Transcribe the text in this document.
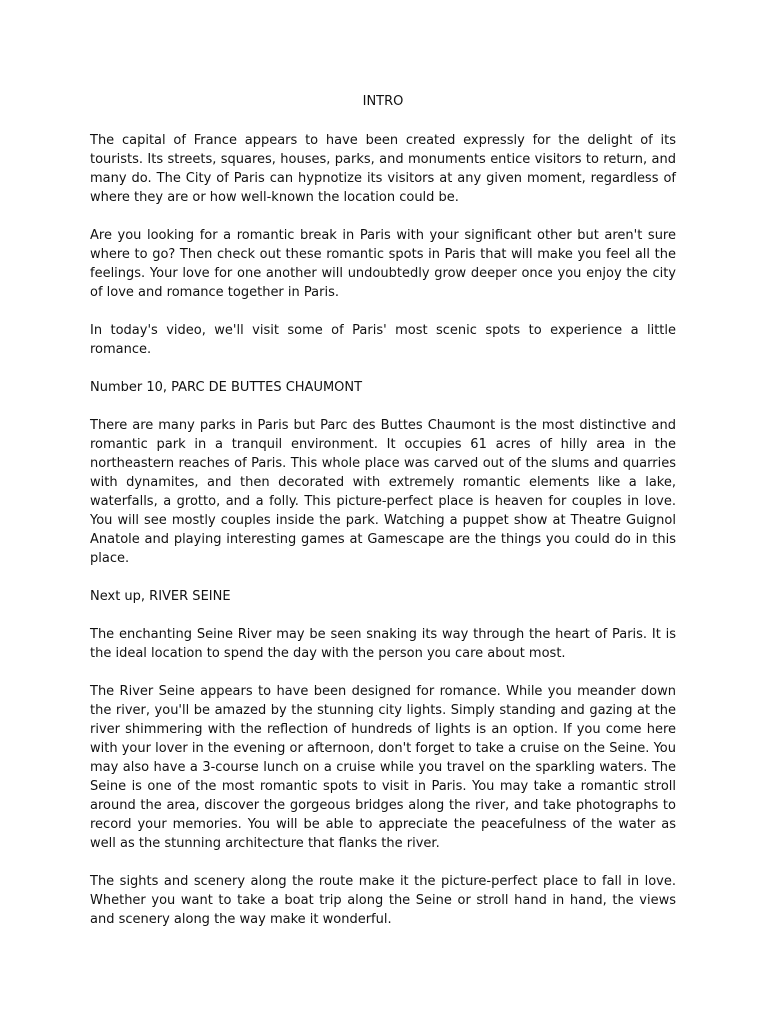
INTRO

The capital of France appears to have been created expressly for the delight of its tourists. Its streets, squares, houses, parks, and monuments entice visitors to return, and many do. The City of Paris can hypnotize its visitors at any given moment, regardless of where they are or how well-known the location could be.

Are you looking for a romantic break in Paris with your significant other but aren't sure where to go? Then check out these romantic spots in Paris that will make you feel all the feelings. Your love for one another will undoubtedly grow deeper once you enjoy the city of love and romance together in Paris.

In today's video, we'll visit some of Paris' most scenic spots to experience a little romance.

Number 10, PARC DE BUTTES CHAUMONT

There are many parks in Paris but Parc des Buttes Chaumont is the most distinctive and romantic park in a tranquil environment. It occupies 61 acres of hilly area in the northeastern reaches of Paris. This whole place was carved out of the slums and quarries with dynamites, and then decorated with extremely romantic elements like a lake, waterfalls, a grotto, and a folly. This picture-perfect place is heaven for couples in love. You will see mostly couples inside the park. Watching a puppet show at Theatre Guignol Anatole and playing interesting games at Gamescape are the things you could do in this place.

Next up, RIVER SEINE

The enchanting Seine River may be seen snaking its way through the heart of Paris. It is the ideal location to spend the day with the person you care about most.

The River Seine appears to have been designed for romance. While you meander down the river, you'll be amazed by the stunning city lights. Simply standing and gazing at the river shimmering with the reflection of hundreds of lights is an option. If you come here with your lover in the evening or afternoon, don't forget to take a cruise on the Seine. You may also have a 3-course lunch on a cruise while you travel on the sparkling waters. The Seine is one of the most romantic spots to visit in Paris. You may take a romantic stroll around the area, discover the gorgeous bridges along the river, and take photographs to record your memories. You will be able to appreciate the peacefulness of the water as well as the stunning architecture that flanks the river.

The sights and scenery along the route make it the picture-perfect place to fall in love. Whether you want to take a boat trip along the Seine or stroll hand in hand, the views and scenery along the way make it wonderful.
